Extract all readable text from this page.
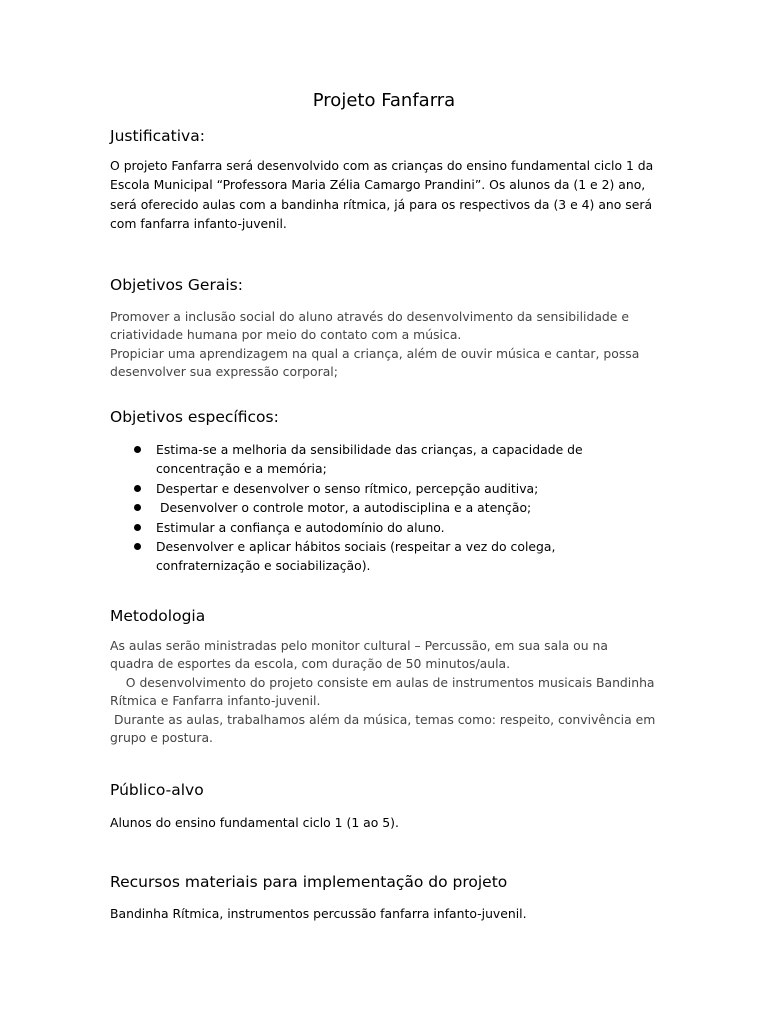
Projeto Fanfarra
Justificativa:
O projeto Fanfarra será desenvolvido com as crianças do ensino fundamental ciclo 1 da
Escola Municipal “Professora Maria Zélia Camargo Prandini”. Os alunos da (1 e 2) ano,
será oferecido aulas com a bandinha rítmica, já para os respectivos da (3 e 4) ano será
com fanfarra infanto-juvenil.
Objetivos Gerais:
Promover a inclusão social do aluno através do desenvolvimento da sensibilidade e
criatividade humana por meio do contato com a música.
Propiciar uma aprendizagem na qual a criança, além de ouvir música e cantar, possa
desenvolver sua expressão corporal;
Objetivos específicos:
Estima-se a melhoria da sensibilidade das crianças, a capacidade de
concentração e a memória;
Despertar e desenvolver o senso rítmico, percepção auditiva;
Desenvolver o controle motor, a autodisciplina e a atenção;
Estimular a confiança e autodomínio do aluno.
Desenvolver e aplicar hábitos sociais (respeitar a vez do colega,
confraternização e sociabilização).
Metodologia
As aulas serão ministradas pelo monitor cultural – Percussão, em sua sala ou na
quadra de esportes da escola, com duração de 50 minutos/aula.
O desenvolvimento do projeto consiste em aulas de instrumentos musicais Bandinha
Rítmica e Fanfarra infanto-juvenil.
Durante as aulas, trabalhamos além da música, temas como: respeito, convivência em
grupo e postura.
Público-alvo
Alunos do ensino fundamental ciclo 1 (1 ao 5).
Recursos materiais para implementação do projeto
Bandinha Rítmica, instrumentos percussão fanfarra infanto-juvenil.
